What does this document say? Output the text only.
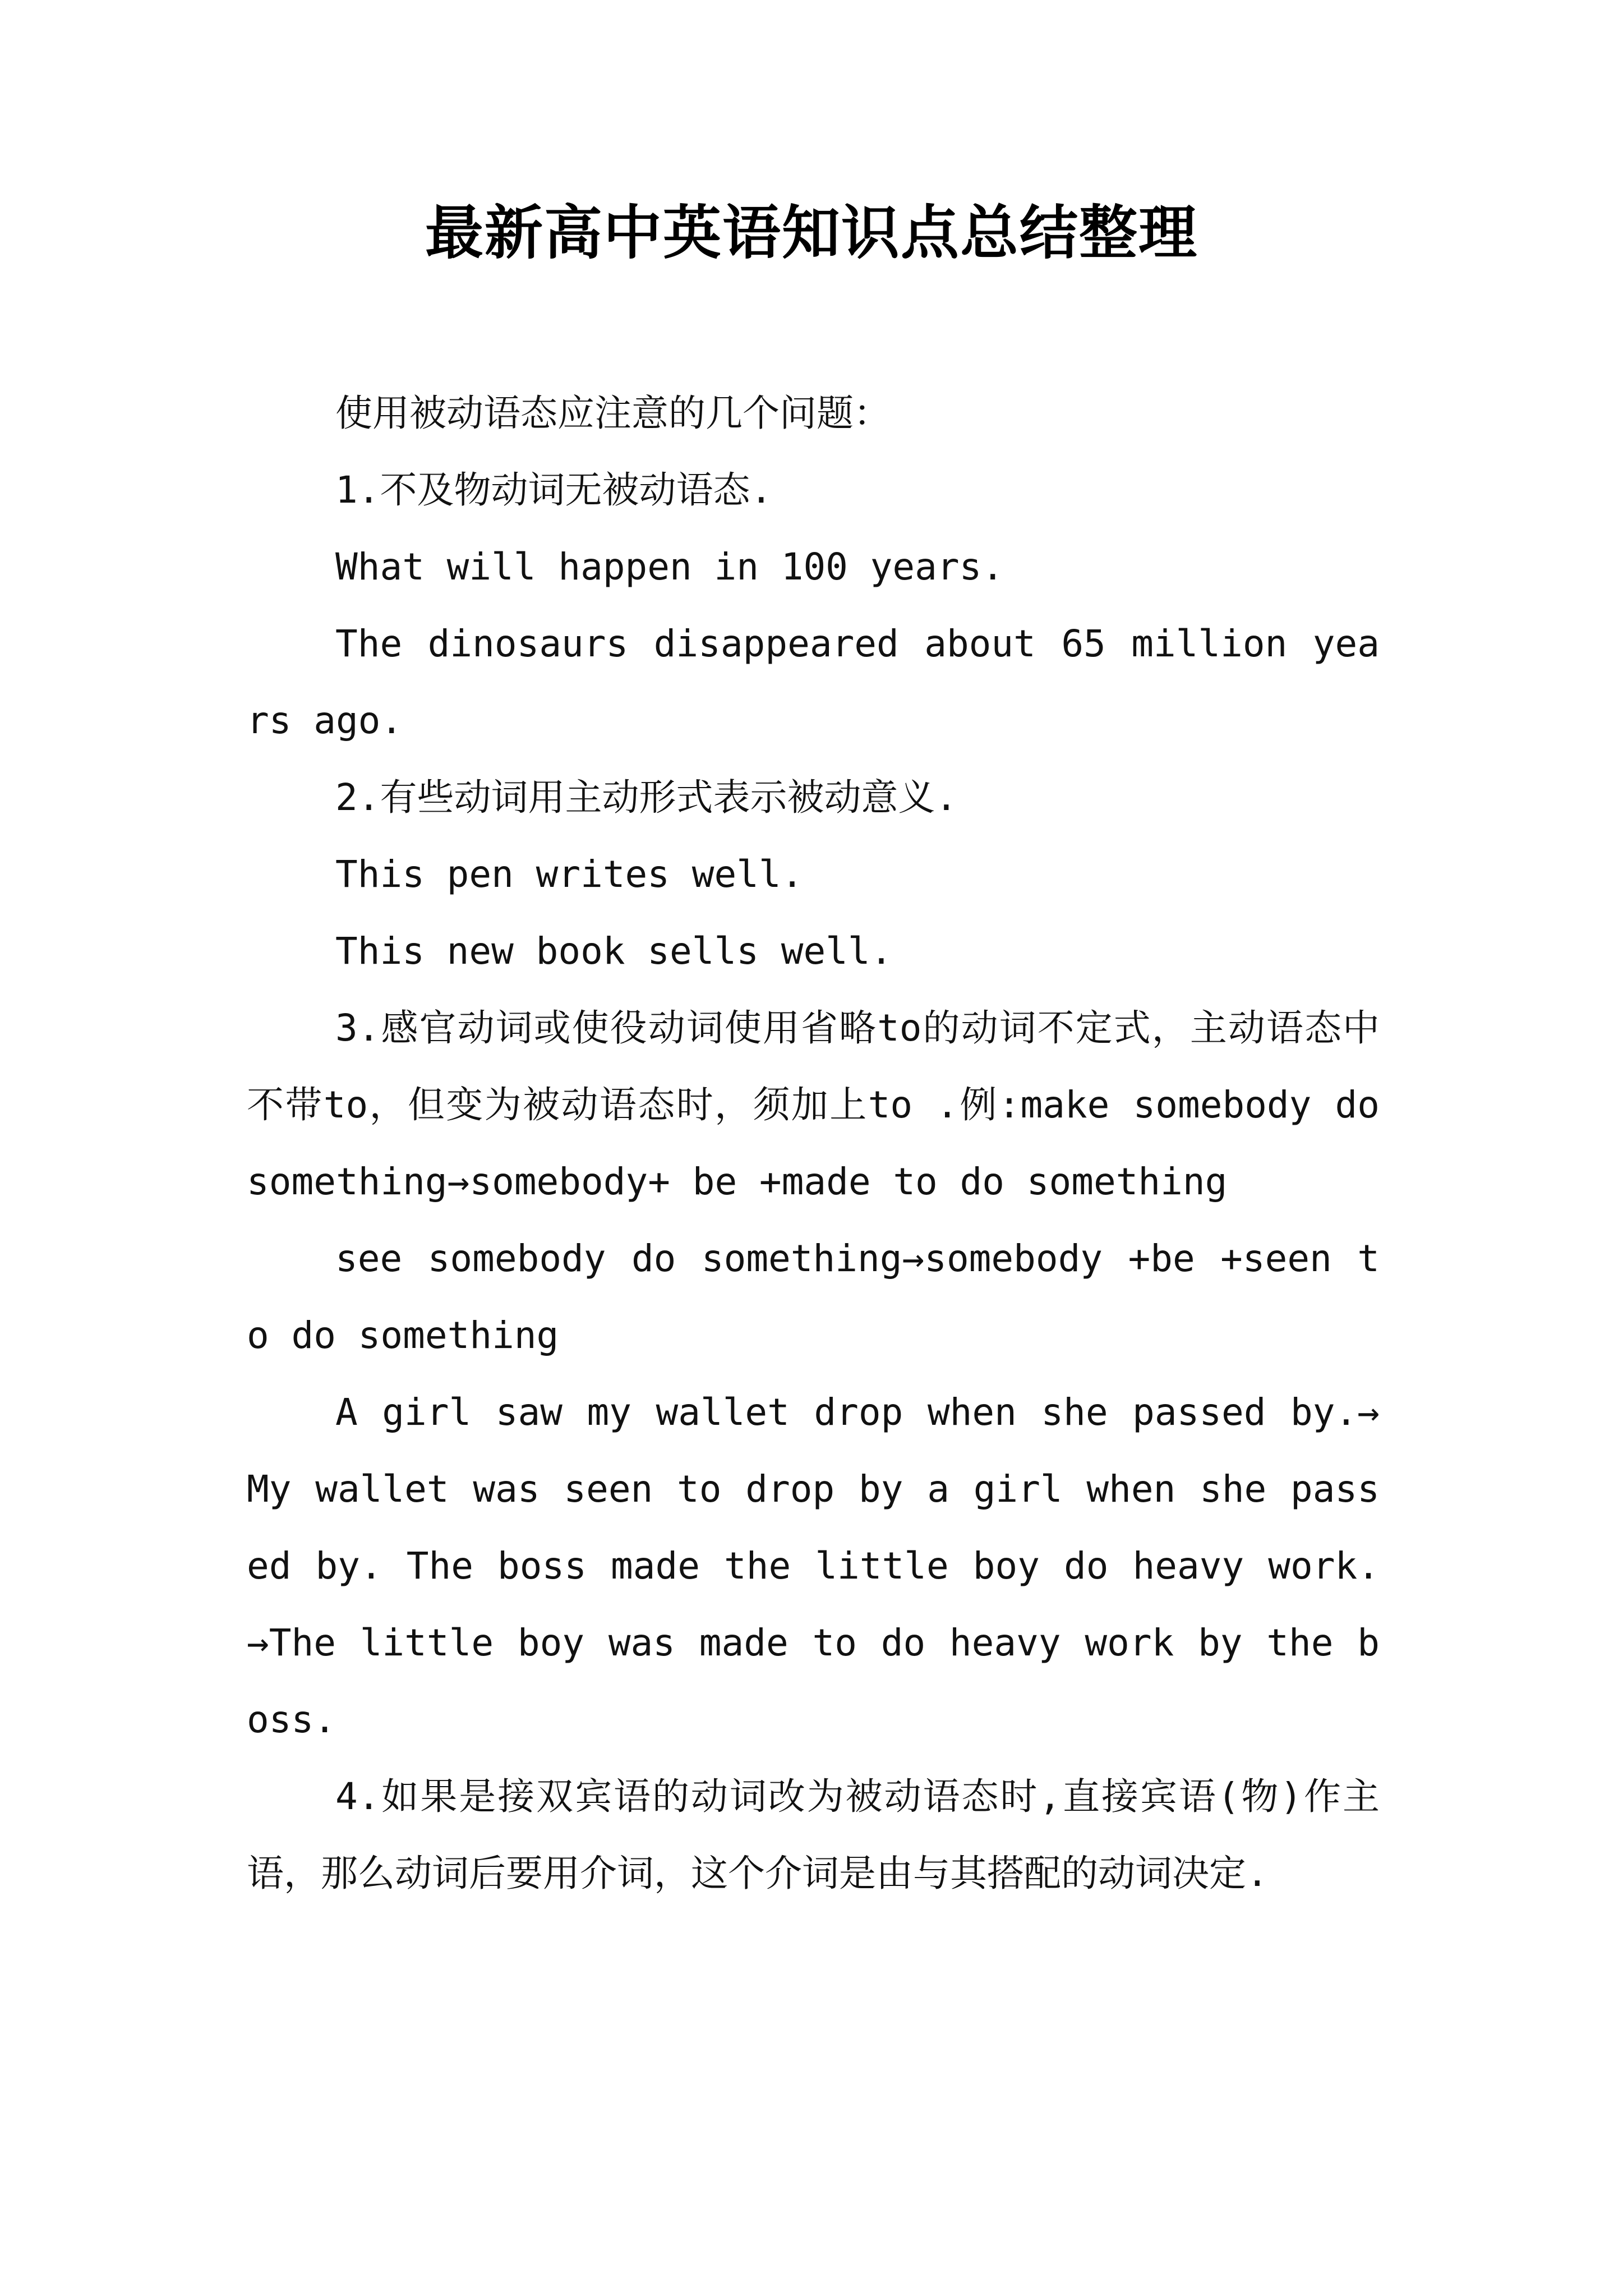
最新高中英语知识点总结整理

使用被动语态应注意的几个问题：

1.不及物动词无被动语态.

What will happen in 100 years.

The dinosaurs disappeared about 65 million years ago.

2.有些动词用主动形式表示被动意义.

This pen writes well.

This new book sells well.

3.感官动词或使役动词使用省略to的动词不定式，主动语态中不带to，但变为被动语态时，须加上to .例:make somebody do something→somebody+ be +made to do something

see somebody do something→somebody +be +seen to do something

A girl saw my wallet drop when she passed by.→My wallet was seen to drop by a girl when she passed by. The boss made the little boy do heavy work.→The little boy was made to do heavy work by the boss.

4.如果是接双宾语的动词改为被动语态时,直接宾语(物)作主语，那么动词后要用介词，这个介词是由与其搭配的动词决定.
